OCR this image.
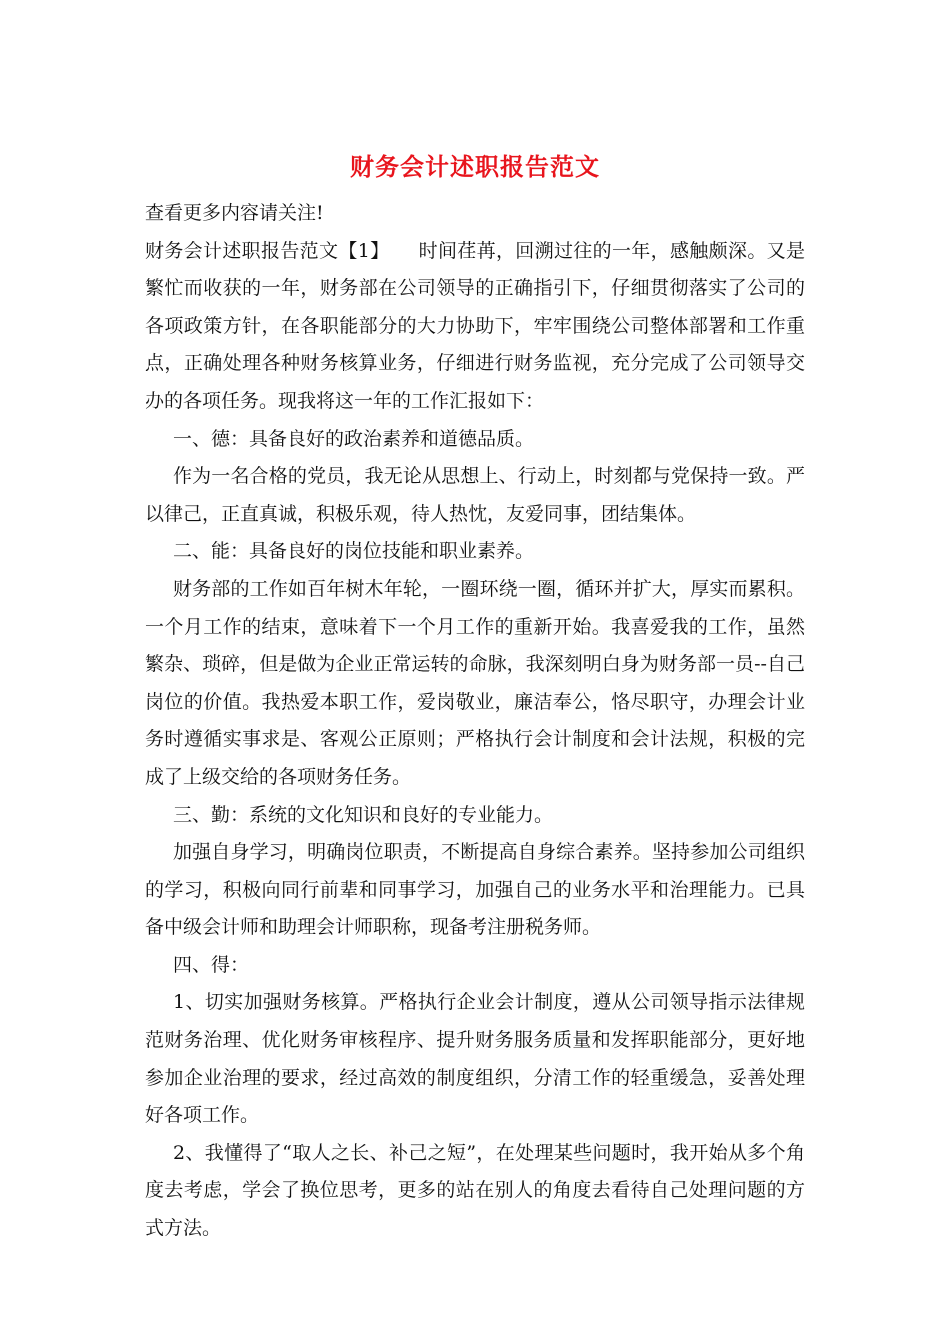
财务会计述职报告范文

查看更多内容请关注!

财务会计述职报告范文【1】　　时间荏苒，回溯过往的一年，感触颇深。又是繁忙而收获的一年，财务部在公司领导的正确指引下，仔细贯彻落实了公司的各项政策方针，在各职能部分的大力协助下，牢牢围绕公司整体部署和工作重点，正确处理各种财务核算业务，仔细进行财务监视，充分完成了公司领导交办的各项任务。现我将这一年的工作汇报如下：

一、德：具备良好的政治素养和道德品质。

作为一名合格的党员，我无论从思想上、行动上，时刻都与党保持一致。严以律己，正直真诚，积极乐观，待人热忱，友爱同事，团结集体。

二、能：具备良好的岗位技能和职业素养。

财务部的工作如百年树木年轮，一圈环绕一圈，循环并扩大，厚实而累积。一个月工作的结束，意味着下一个月工作的重新开始。我喜爱我的工作，虽然繁杂、琐碎，但是做为企业正常运转的命脉，我深刻明白身为财务部一员--自己岗位的价值。我热爱本职工作，爱岗敬业，廉洁奉公，恪尽职守，办理会计业务时遵循实事求是、客观公正原则；严格执行会计制度和会计法规，积极的完成了上级交给的各项财务任务。

三、勤：系统的文化知识和良好的专业能力。

加强自身学习，明确岗位职责，不断提高自身综合素养。坚持参加公司组织的学习，积极向同行前辈和同事学习，加强自己的业务水平和治理能力。已具备中级会计师和助理会计师职称，现备考注册税务师。

四、得：

1、切实加强财务核算。严格执行企业会计制度，遵从公司领导指示法律规范财务治理、优化财务审核程序、提升财务服务质量和发挥职能部分，更好地参加企业治理的要求，经过高效的制度组织，分清工作的轻重缓急，妥善处理好各项工作。

2、我懂得了“取人之长、补己之短”，在处理某些问题时，我开始从多个角度去考虑，学会了换位思考，更多的站在别人的角度去看待自己处理问题的方式方法。
